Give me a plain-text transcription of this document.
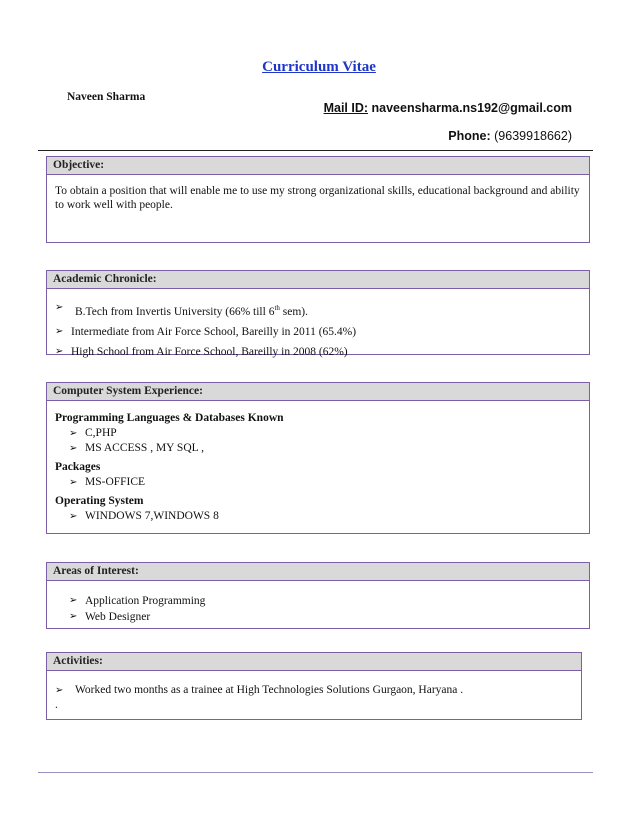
Curriculum Vitae
Naveen Sharma
Mail ID: naveensharma.ns192@gmail.com
Phone: (9639918662)
Objective:
To obtain a position that will enable me to use my strong organizational skills, educational background and ability to work well with people.
Academic Chronicle:
➢	B.Tech from Invertis University (66% till 6th sem).
➢ Intermediate from Air Force School, Bareilly in 2011 (65.4%)
➢ High School from Air Force School, Bareilly in 2008 (62%)
Computer System Experience:
Programming Languages & Databases Known
➢ C,PHP
➢ MS ACCESS , MY SQL ,
Packages
➢ MS-OFFICE
Operating System
➢ WINDOWS 7,WINDOWS 8
Areas of Interest:
➢ Application Programming
➢ Web Designer
Activities:
➢	Worked two months as a trainee at High Technologies Solutions Gurgaon, Haryana .
.
